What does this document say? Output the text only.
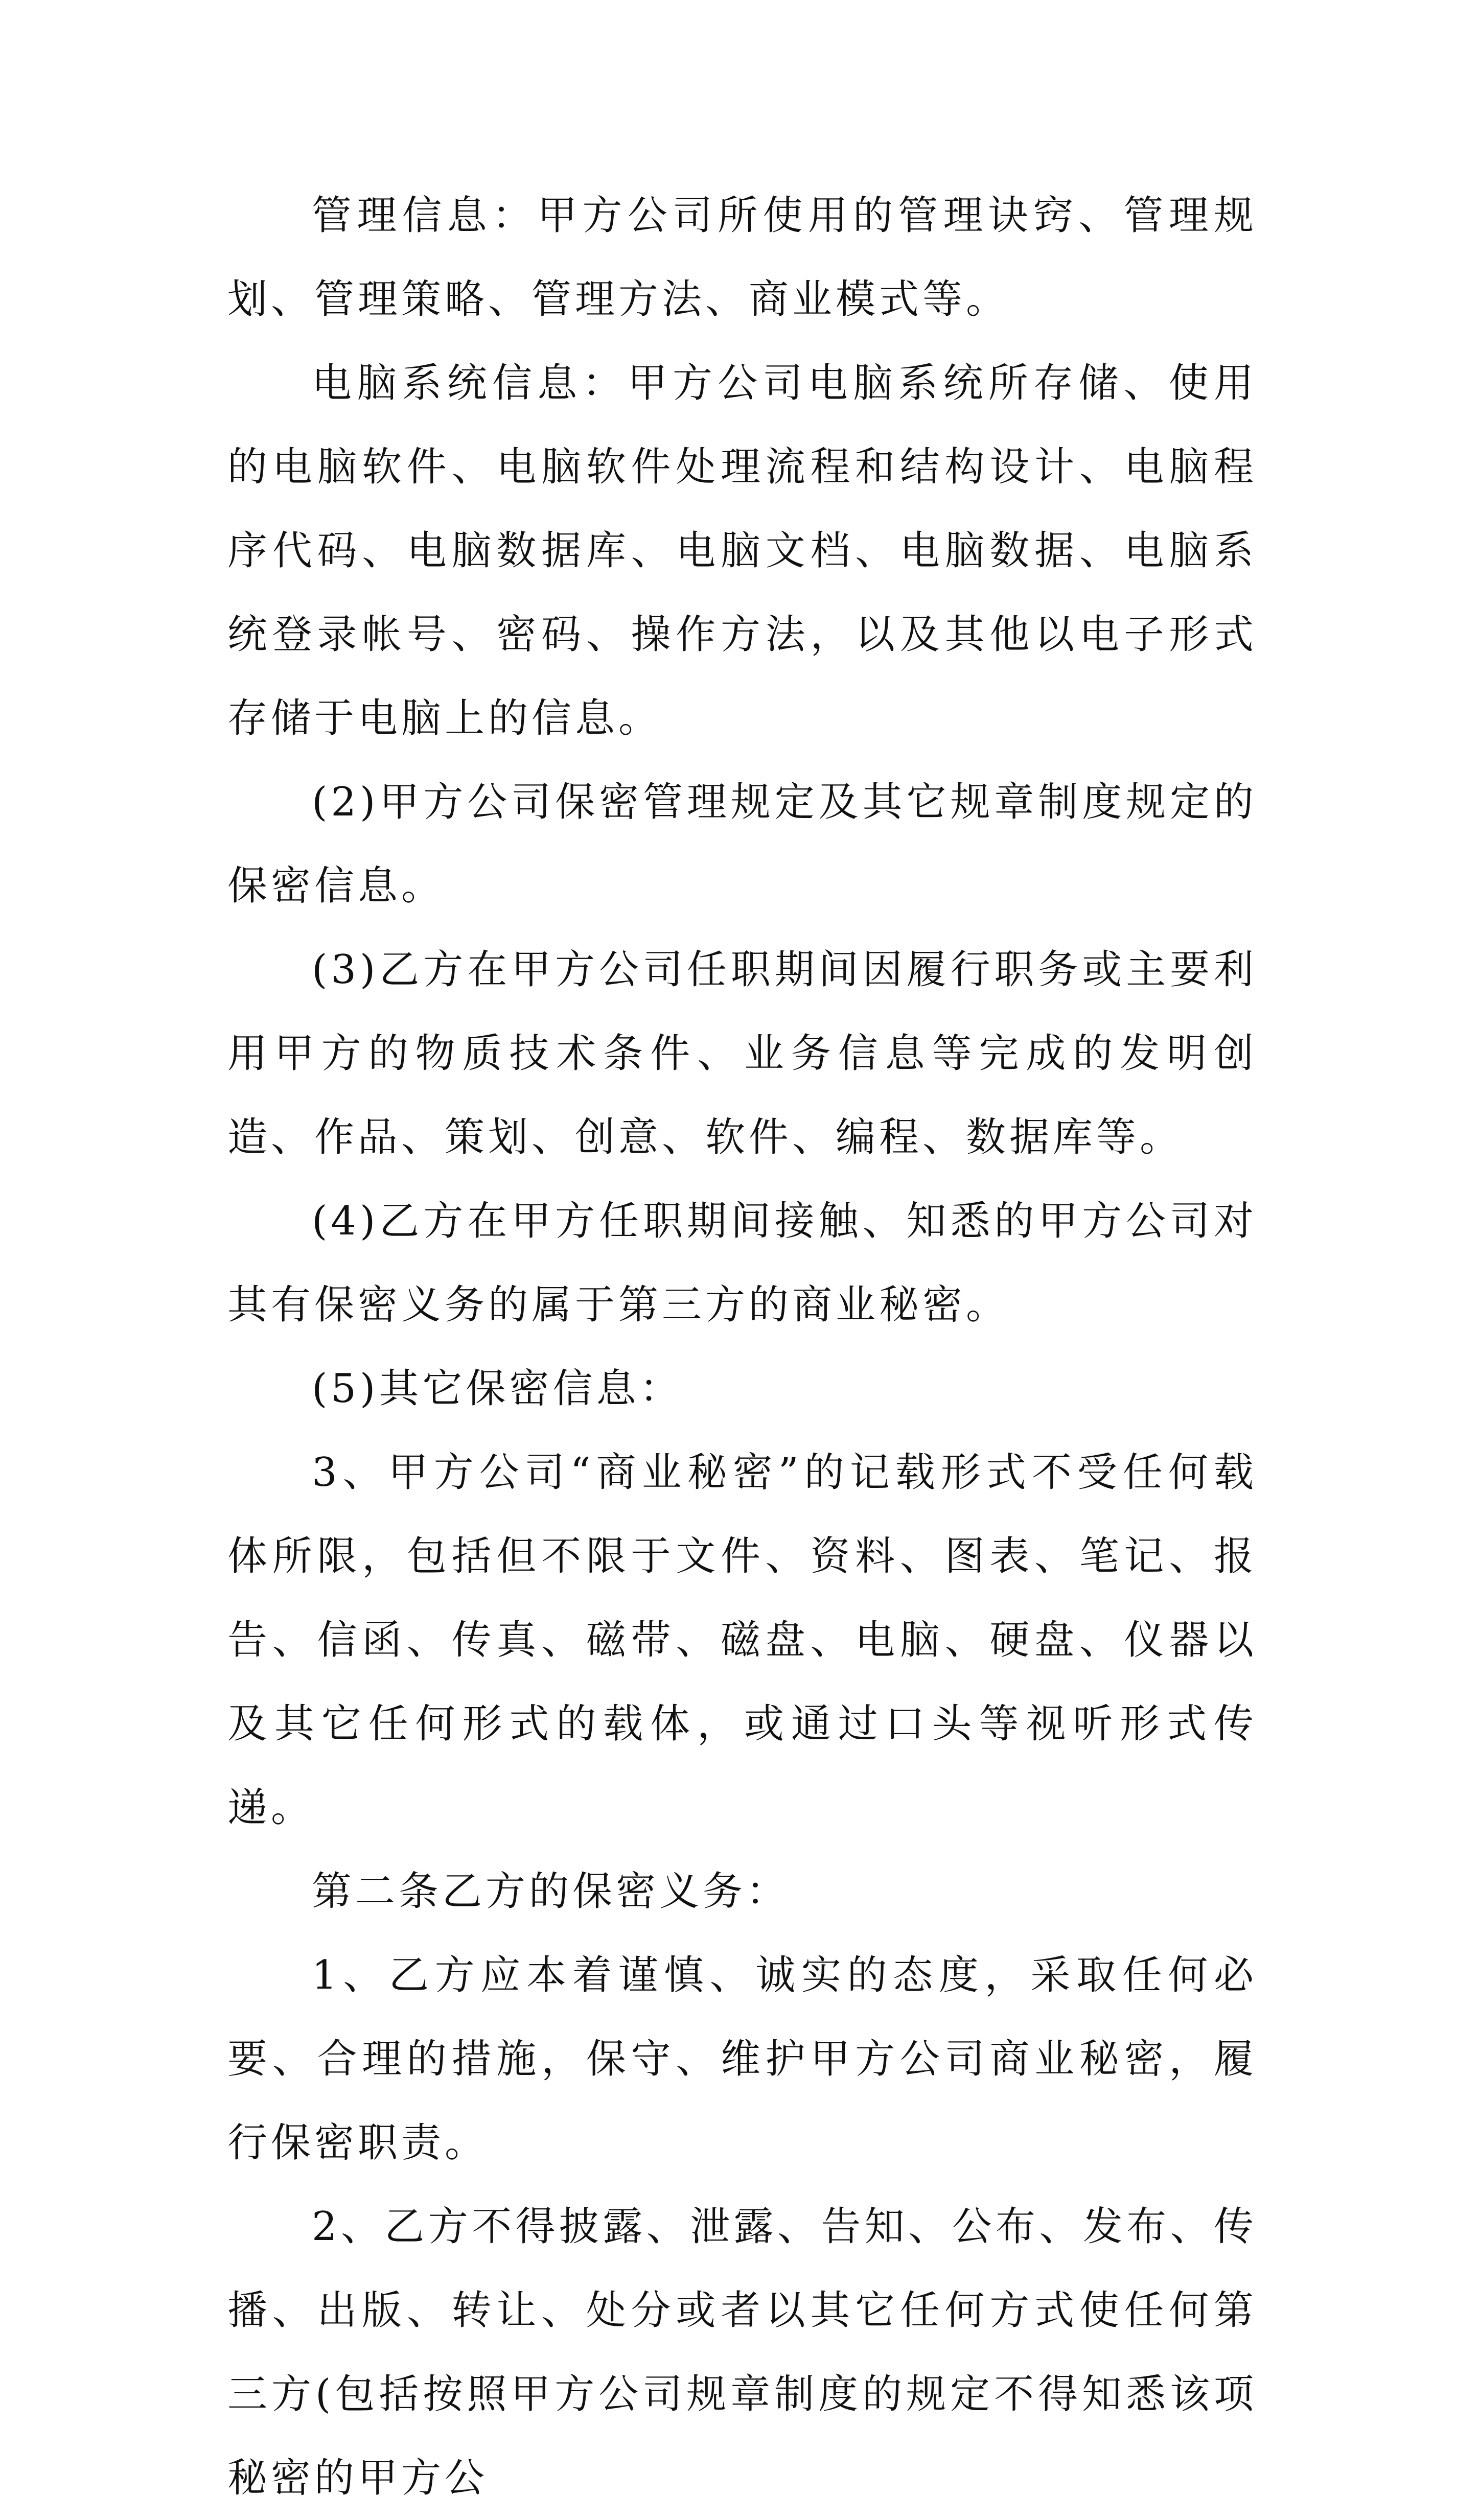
管理信息：甲方公司所使用的管理诀窍、管理规划、管理策略、管理方法、商业模式等。

电脑系统信息：甲方公司电脑系统所存储、使用的电脑软件、电脑软件处理流程和结构设计、电脑程序代码、电脑数据库、电脑文档、电脑数据、电脑系统登录帐号、密码、操作方法，以及其他以电子形式存储于电脑上的信息。

(2)甲方公司保密管理规定及其它规章制度规定的保密信息。

(3)乙方在甲方公司任职期间因履行职务或主要利用甲方的物质技术条件、业务信息等完成的发明创造、作品、策划、创意、软件、编程、数据库等。

(4)乙方在甲方任职期间接触、知悉的甲方公司对其有保密义务的属于第三方的商业秘密。

(5)其它保密信息：

3、甲方公司“商业秘密”的记载形式不受任何载体所限，包括但不限于文件、资料、图表、笔记、报告、信函、传真、磁带、磁盘、电脑、硬盘、仪器以及其它任何形式的载体，或通过口头等视听形式传递。

第二条乙方的保密义务：

1、乙方应本着谨慎、诚实的态度，采取任何必要、合理的措施，保守、维护甲方公司商业秘密，履行保密职责。

2、乙方不得披露、泄露、告知、公布、发布、传播、出版、转让、处分或者以其它任何方式使任何第三方(包括按照甲方公司规章制度的规定不得知悉该项秘密的甲方公
